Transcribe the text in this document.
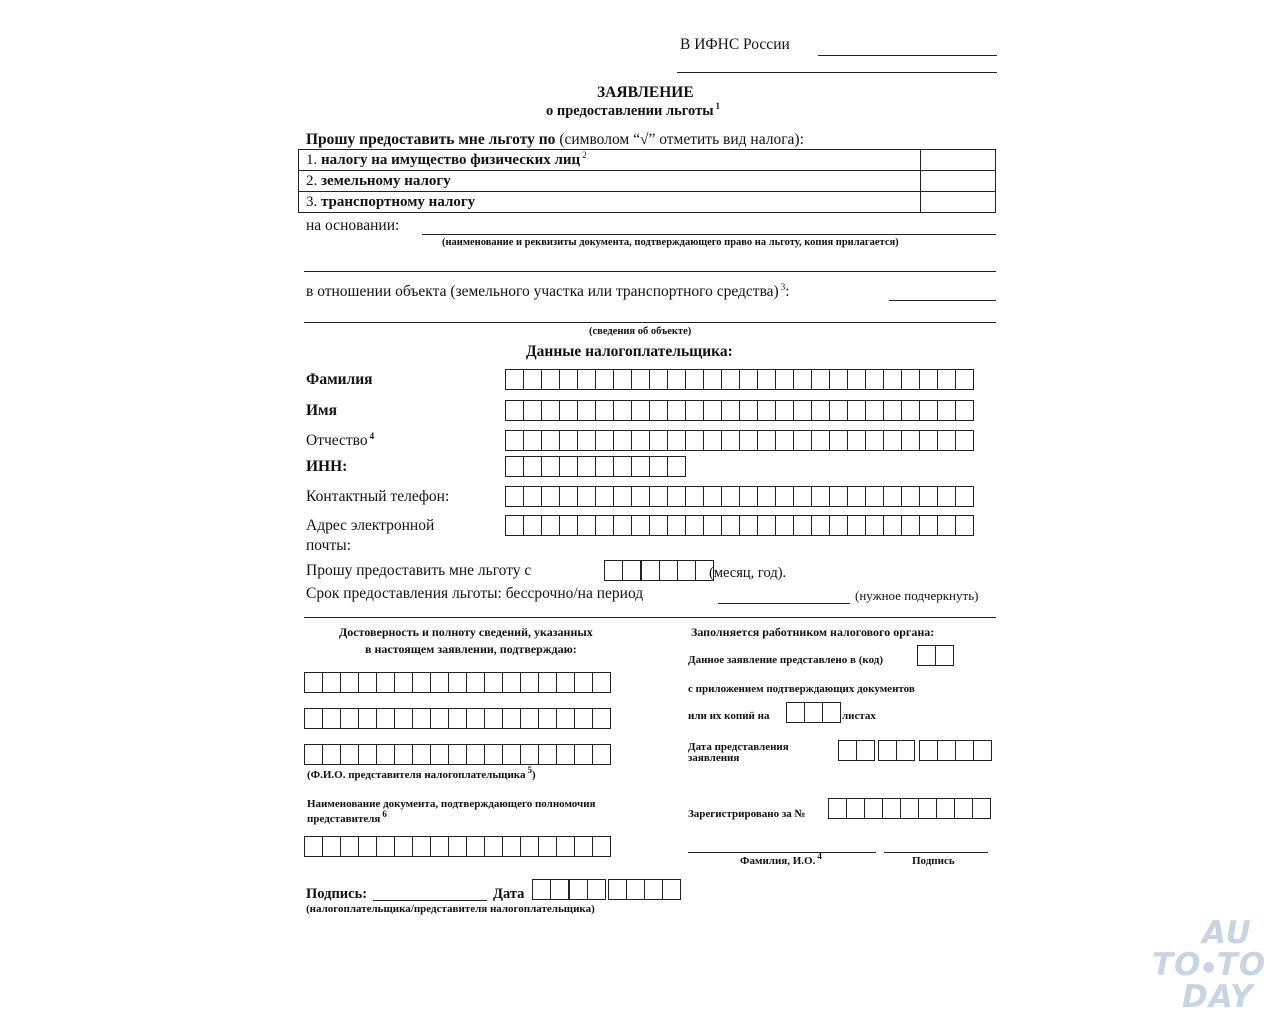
В ИФНС России
ЗАЯВЛЕНИЕ
о предоставлении льготы $^1$
Прошу предоставить мне льготу по (символом “√” отметить вид налога):
1. налогу на имущество физических лиц $^2$
2. земельному налогу
3. транспортному налогу
на основании:
(наименование и реквизиты документа, подтверждающего право на льготу, копия прилагается)
в отношении объекта (земельного участка или транспортного средства) $^3$:
(сведения об объекте)
Данные налогоплательщика:
Фамилия
Имя
Отчество $^4$
ИНН:
Контактный телефон:
Адрес электронной
почты:
Прошу предоставить мне льготу с	(месяц, год).
Срок предоставления льготы: бессрочно/на период	(нужное подчеркнуть)
Достоверность и полноту сведений, указанных
в настоящем заявлении, подтверждаю:
(Ф.И.О. представителя налогоплательщика $^5$)
Наименование документа, подтверждающего полномочия
представителя $^6$
Подпись:	Дата
(налогоплательщика/представителя налогоплательщика)
Заполняется работником налогового органа:
Данное заявление представлено в (код)
с приложением подтверждающих документов
или их копий на	листах
Дата представления
заявления
Зарегистрировано за №
Фамилия, И.О. $^4$	Подпись
AU
TO●TO
DAY
